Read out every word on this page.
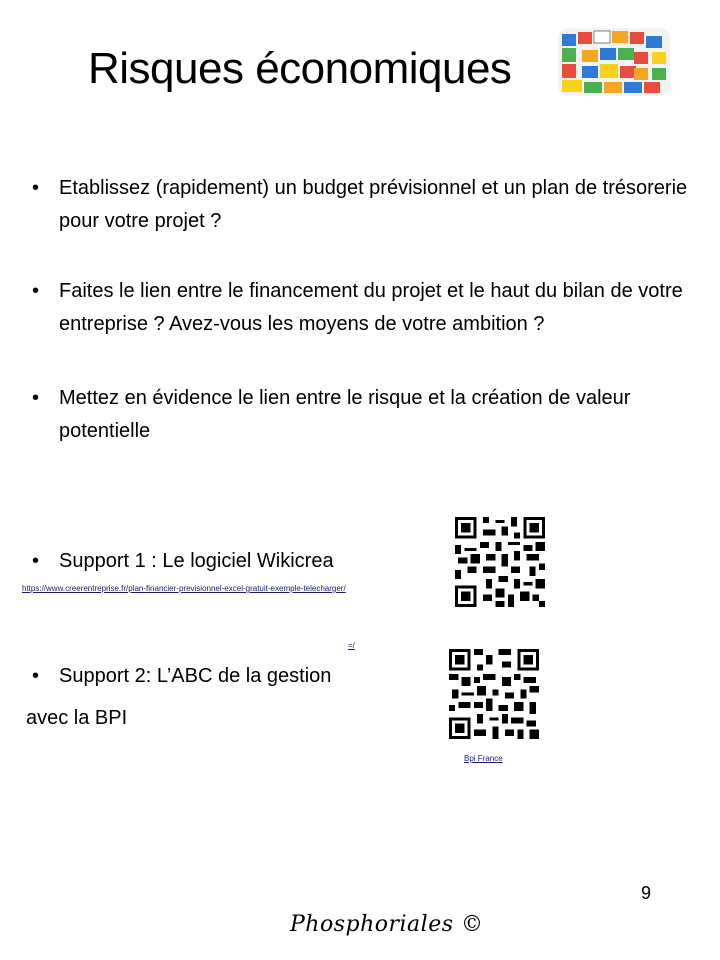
Risques économiques
• Etablissez (rapidement) un budget prévisionnel et un plan de trésorerie pour votre projet ?
• Faites le lien entre le financement du projet et le haut du bilan de votre entreprise ? Avez-vous les moyens de votre ambition ?
• Mettez en évidence le lien entre le risque et la création de valeur potentielle
• Support 1 : Le logiciel Wikicrea
https://www.creerentreprise.fr/plan-financier-previsionnel-excel-gratuit-exemple-telecharger/
=/
• Support 2: L’ABC de la gestion
avec la BPI
Bpi France
9
Phosphoriales ©
